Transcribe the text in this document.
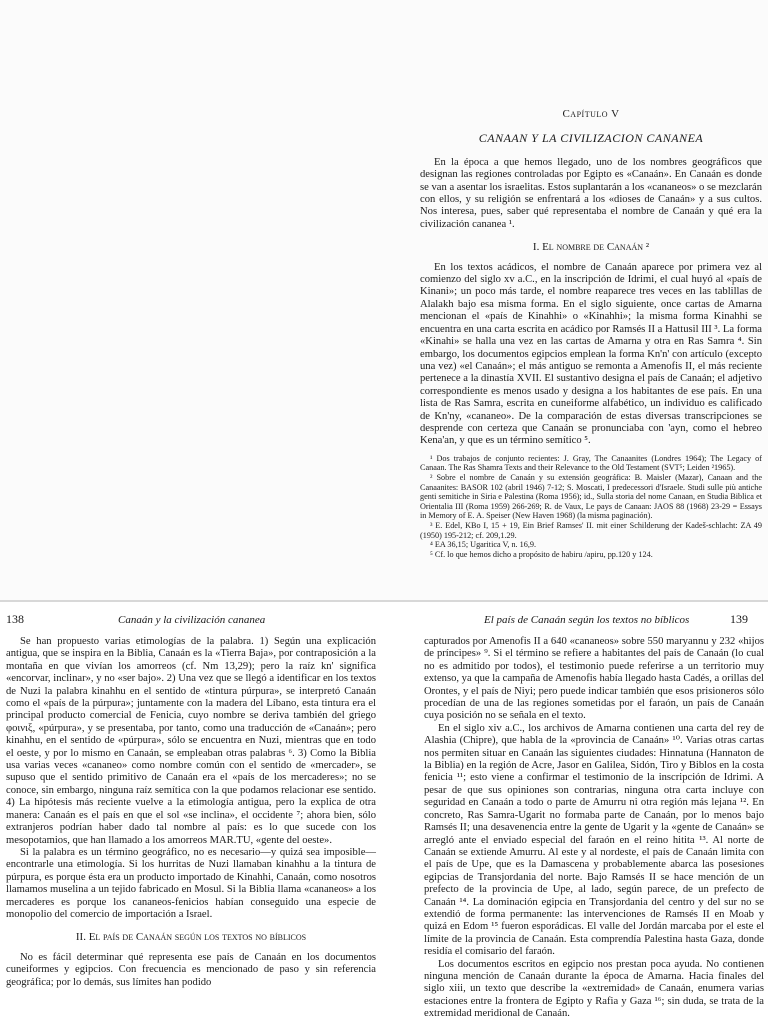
Capítulo V
CANAAN Y LA CIVILIZACION CANANEA

En la época a que hemos llegado, uno de los nombres geográficos que designan las regiones controladas por Egipto es «Canaán». En Canaán es donde se van a asentar los israelitas. Estos suplantarán a los «cananeos» o se mezclarán con ellos, y su religión se enfrentará a los «dioses de Canaán» y a sus cultos. Nos interesa, pues, saber qué representaba el nombre de Canaán y qué era la civilización cananea ¹.

I. El nombre de Canaán ²

En los textos acádicos, el nombre de Canaán aparece por primera vez al comienzo del siglo xv a.C., en la inscripción de Idrimi, el cual huyó al «país de Kinani»; un poco más tarde, el nombre reaparece tres veces en las tablillas de Alalakh bajo esa misma forma. En el siglo siguiente, once cartas de Amarna mencionan el «país de Kinahhi» o «Kinahhi»; la misma forma Kinahhi se encuentra en una carta escrita en acádico por Ramsés II a Hattusil III ³. La forma «Kinahi» se halla una vez en las cartas de Amarna y otra en Ras Samra ⁴. Sin embargo, los documentos egipcios emplean la forma Kn'n' con artículo (excepto una vez) «el Canaán»; el más antiguo se remonta a Amenofis II, el más reciente pertenece a la dinastía XVII. El sustantivo designa el país de Canaán; el adjetivo correspondiente es menos usado y designa a los habitantes de ese país. En una lista de Ras Samra, escrita en cuneiforme alfabético, un individuo es calificado de Kn'ny, «cananeo». De la comparación de estas diversas transcripciones se desprende con certeza que Canaán se pronunciaba con 'ayn, como el hebreo Kena'an, y que es un término semítico ⁵.

¹ Dos trabajos de conjunto recientes: J. Gray, The Canaanites (Londres 1964); The Legacy of Canaan. The Ras Shamra Texts and their Relevance to the Old Testament (SVT⁵; Leiden ²1965).

² Sobre el nombre de Canaán y su extensión geográfica: B. Maisler (Mazar), Canaan and the Canaanites: BASOR 102 (abril 1946) 7-12; S. Moscati, I predecessori d'Israele. Studi sulle più antiche genti semitiche in Siria e Palestina (Roma 1956); id., Sulla storia del nome Canaan, en Studia Biblica et Orientalia III (Roma 1959) 266-269; R. de Vaux, Le pays de Canaan: JAOS 88 (1968) 23-29 = Essays in Memory of E. A. Speiser (New Haven 1968) (la misma paginación).

³ E. Edel, KBo I, 15 + 19, Ein Brief Ramses' II. mit einer Schilderung der Kadeš-schlacht: ZA 49 (1950) 195-212; cf. 209,1.29.

⁴ EA 36,15; Ugaritica V, n. 16,9.

⁵ Cf. lo que hemos dicho a propósito de habiru /apiru, pp.120 y 124.

138	Canaán y la civilización cananea	139
El país de Canaán según los textos no bíblicos

Se han propuesto varias etimologías de la palabra. 1) Según una explicación antigua, que se inspira en la Biblia, Canaán es la «Tierra Baja», por contraposición a la montaña en que vivían los amorreos (cf. Nm 13,29); pero la raíz kn' significa «encorvar, inclinar», y no «ser bajo». 2) Una vez que se llegó a identificar en los textos de Nuzi la palabra kinahhu en el sentido de «tintura púrpura», se interpretó Canaán como el «país de la púrpura»; juntamente con la madera del Líbano, esta tintura era el principal producto comercial de Fenicia, cuyo nombre se deriva también del griego φοινιξ, «púrpura», y se presentaba, por tanto, como una traducción de «Canaán»; pero kinahhu, en el sentido de «púrpura», sólo se encuentra en Nuzi, mientras que en todo el oeste, y por lo mismo en Canaán, se empleaban otras palabras ⁶. 3) Como la Biblia usa varias veces «cananeo» como nombre común con el sentido de «mercader», se supuso que el sentido primitivo de Canaán era el «país de los mercaderes»; no se conoce, sin embargo, ninguna raíz semítica con la que podamos relacionar ese sentido. 4) La hipótesis más reciente vuelve a la etimología antigua, pero la explica de otra manera: Canaán es el país en que el sol «se inclina», el occidente ⁷; ahora bien, sólo extranjeros podrían haber dado tal nombre al país: es lo que sucede con los mesopotamios, que han llamado a los amorreos MAR.TU, «gente del oeste».

Si la palabra es un término geográfico, no es necesario—y quizá sea imposible—encontrarle una etimología. Si los hurritas de Nuzi llamaban kinahhu a la tintura de púrpura, es porque ésta era un producto importado de Kinahhi, Canaán, como nosotros llamamos muselina a un tejido fabricado en Mosul. Si la Biblia llama «cananeos» a los mercaderes es porque los cananeos-fenicios habían conseguido una especie de monopolio del comercio de importación a Israel.

II. El país de Canaán según los textos no bíblicos

No es fácil determinar qué representa ese país de Canaán en los documentos cuneiformes y egipcios. Con frecuencia es mencionado de paso y sin referencia geográfica; por lo demás, sus límites han podido

capturados por Amenofis II a 640 «cananeos» sobre 550 maryannu y 232 «hijos de príncipes» ⁹. Si el término se refiere a habitantes del país de Canaán (lo cual no es admitido por todos), el testimonio puede referirse a un territorio muy extenso, ya que la campaña de Amenofis había llegado hasta Cadés, a orillas del Orontes, y el país de Niyi; pero puede indicar también que esos prisioneros sólo procedían de una de las regiones sometidas por el faraón, un país de Canaán cuya posición no se señala en el texto.

En el siglo xiv a.C., los archivos de Amarna contienen una carta del rey de Alashia (Chipre), que habla de la «provincia de Canaán» ¹⁰. Varias otras cartas nos permiten situar en Canaán las siguientes ciudades: Hinnatuna (Hannaton de la Biblia) en la región de Acre, Jasor en Galilea, Sidón, Tiro y Biblos en la costa fenicia ¹¹; esto viene a confirmar el testimonio de la inscripción de Idrimi. A pesar de que sus opiniones son contrarias, ninguna otra carta incluye con seguridad en Canaán a todo o parte de Amurru ni otra región más lejana ¹². En concreto, Ras Samra-Ugarit no formaba parte de Canaán, por lo menos bajo Ramsés II; una desavenencia entre la gente de Ugarit y la «gente de Canaán» se arregló ante el enviado especial del faraón en el reino hitita ¹³. Al norte de Canaán se extiende Amurru. Al este y al nordeste, el país de Canaán limita con el país de Upe, que es la Damascena y probablemente abarca las posesiones egipcias de Transjordania del norte. Bajo Ramsés II se hace mención de un prefecto de la provincia de Upe, al lado, según parece, de un prefecto de Canaán ¹⁴. La dominación egipcia en Transjordania del centro y del sur no se extendió de forma permanente: las intervenciones de Ramsés II en Moab y quizá en Edom ¹⁵ fueron esporádicas. El valle del Jordán marcaba por el este el límite de la provincia de Canaán. Esta comprendía Palestina hasta Gaza, donde residía el comisario del faraón.

Los documentos escritos en egipcio nos prestan poca ayuda. No contienen ninguna mención de Canaán durante la época de Amarna. Hacia finales del siglo xiii, un texto que describe la «extremidad» de Canaán, enumera varias estaciones entre la frontera de Egipto y Rafia y Gaza ¹⁶; sin duda, se trata de la extremidad meridional de Canaán.
